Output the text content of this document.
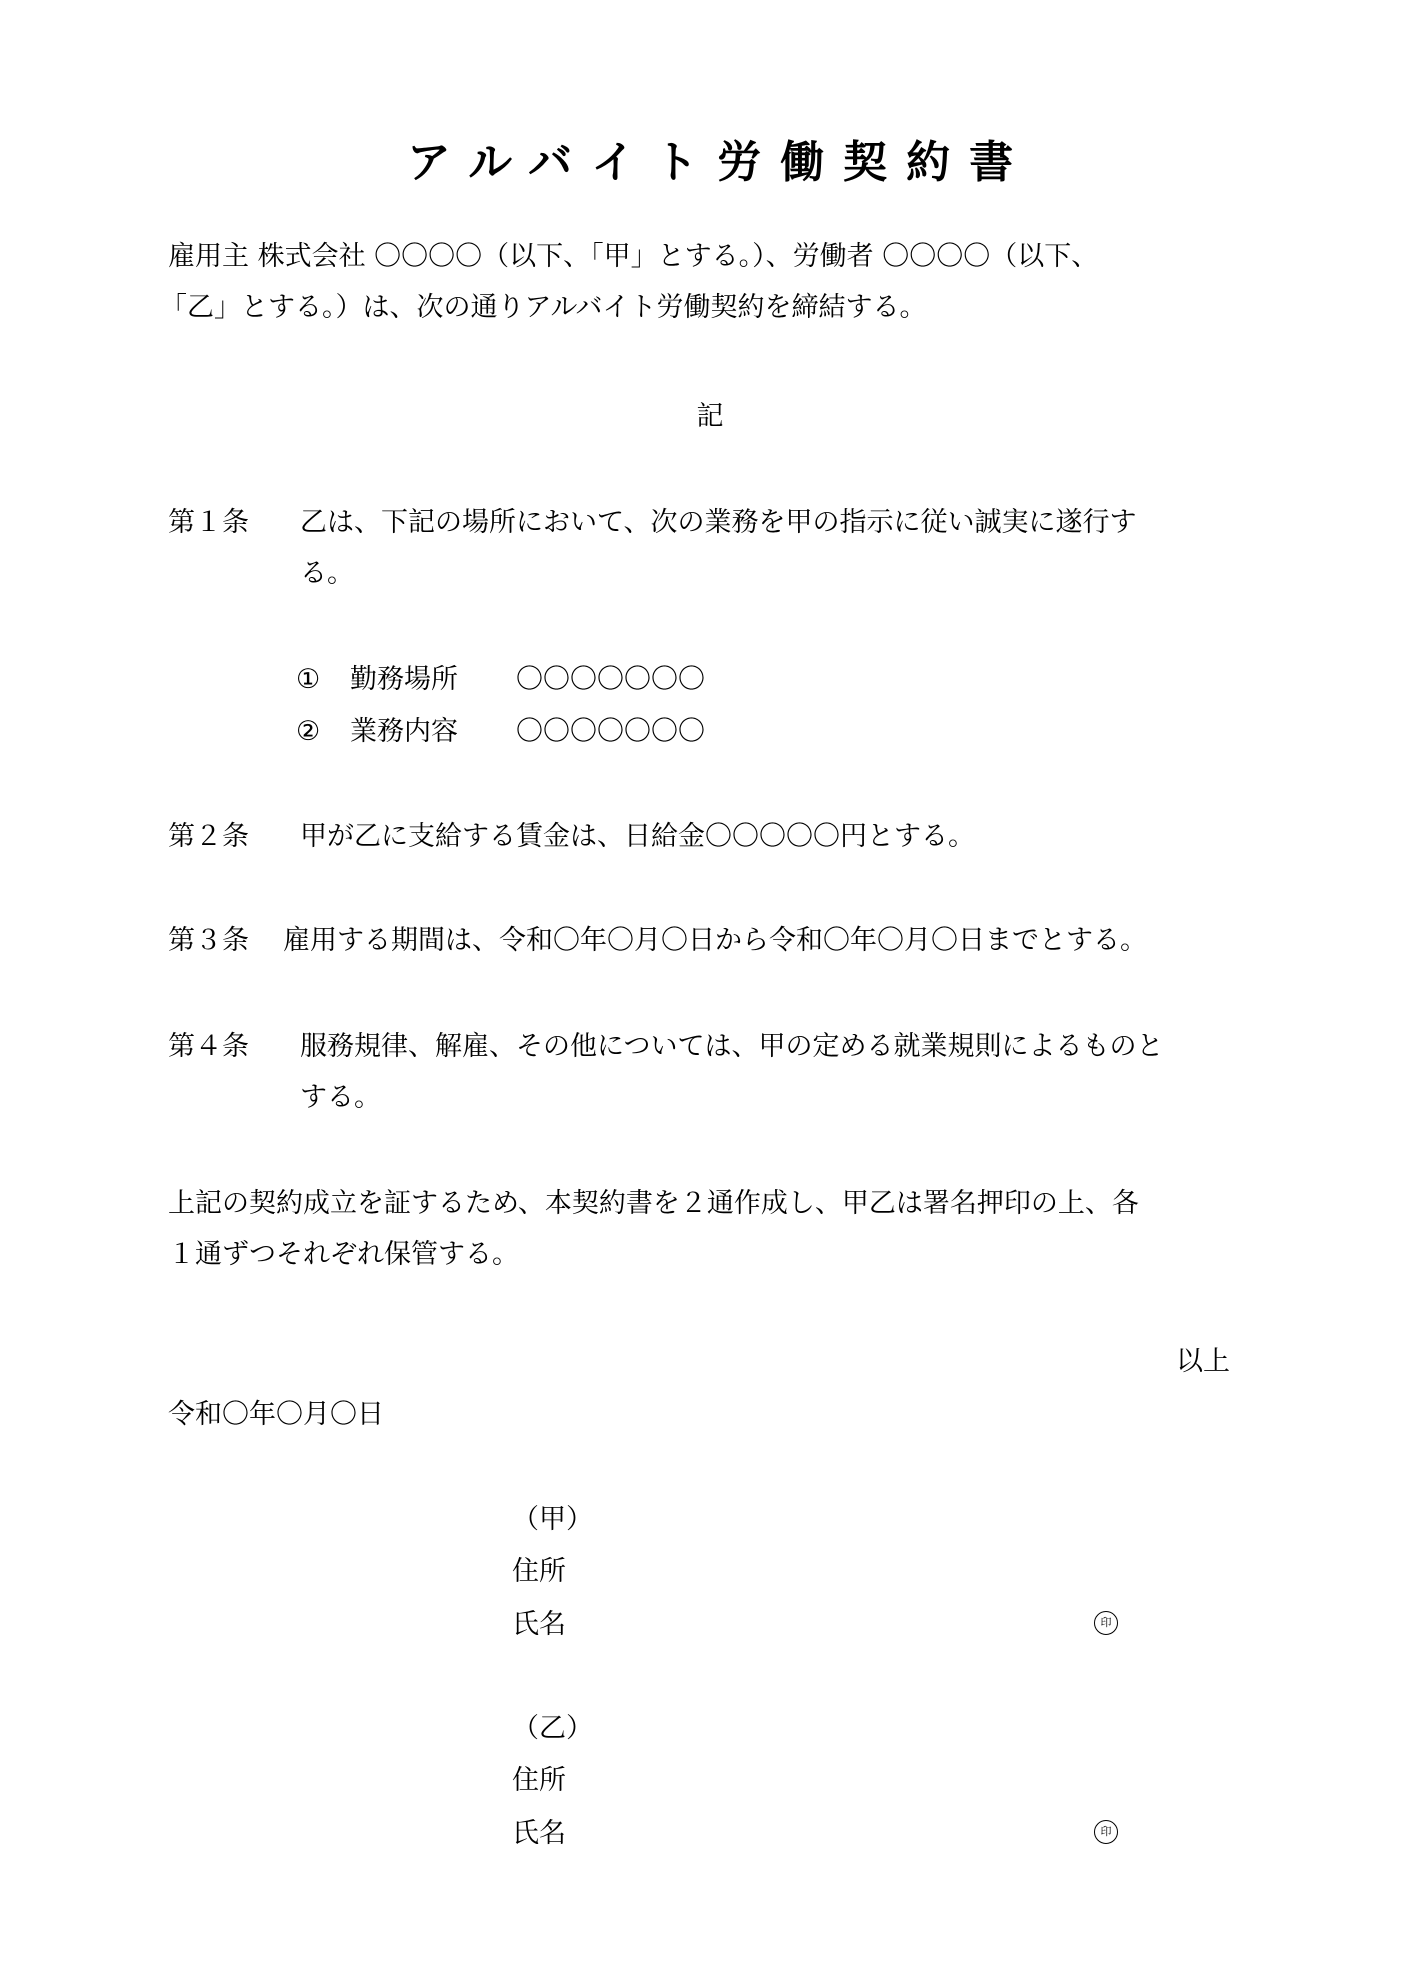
アルバイト労働契約書
雇用主 株式会社 〇〇〇〇（以下、「甲」とする。）、労働者 〇〇〇〇（以下、
「乙」とする。）は、次の通りアルバイト労働契約を締結する。
記
第１条 乙は、下記の場所において、次の業務を甲の指示に従い誠実に遂行す
る。
① 勤務場所 〇〇〇〇〇〇〇
② 業務内容 〇〇〇〇〇〇〇
第２条 甲が乙に支給する賃金は、日給金〇〇〇〇〇円とする。
第３条 雇用する期間は、令和〇年〇月〇日から令和〇年〇月〇日までとする。
第４条 服務規律、解雇、その他については、甲の定める就業規則によるものと
する。
上記の契約成立を証するため、本契約書を２通作成し、甲乙は署名押印の上、各
１通ずつそれぞれ保管する。
以上
令和〇年〇月〇日
（甲）
住所
氏名	印
（乙）
住所
氏名	印
